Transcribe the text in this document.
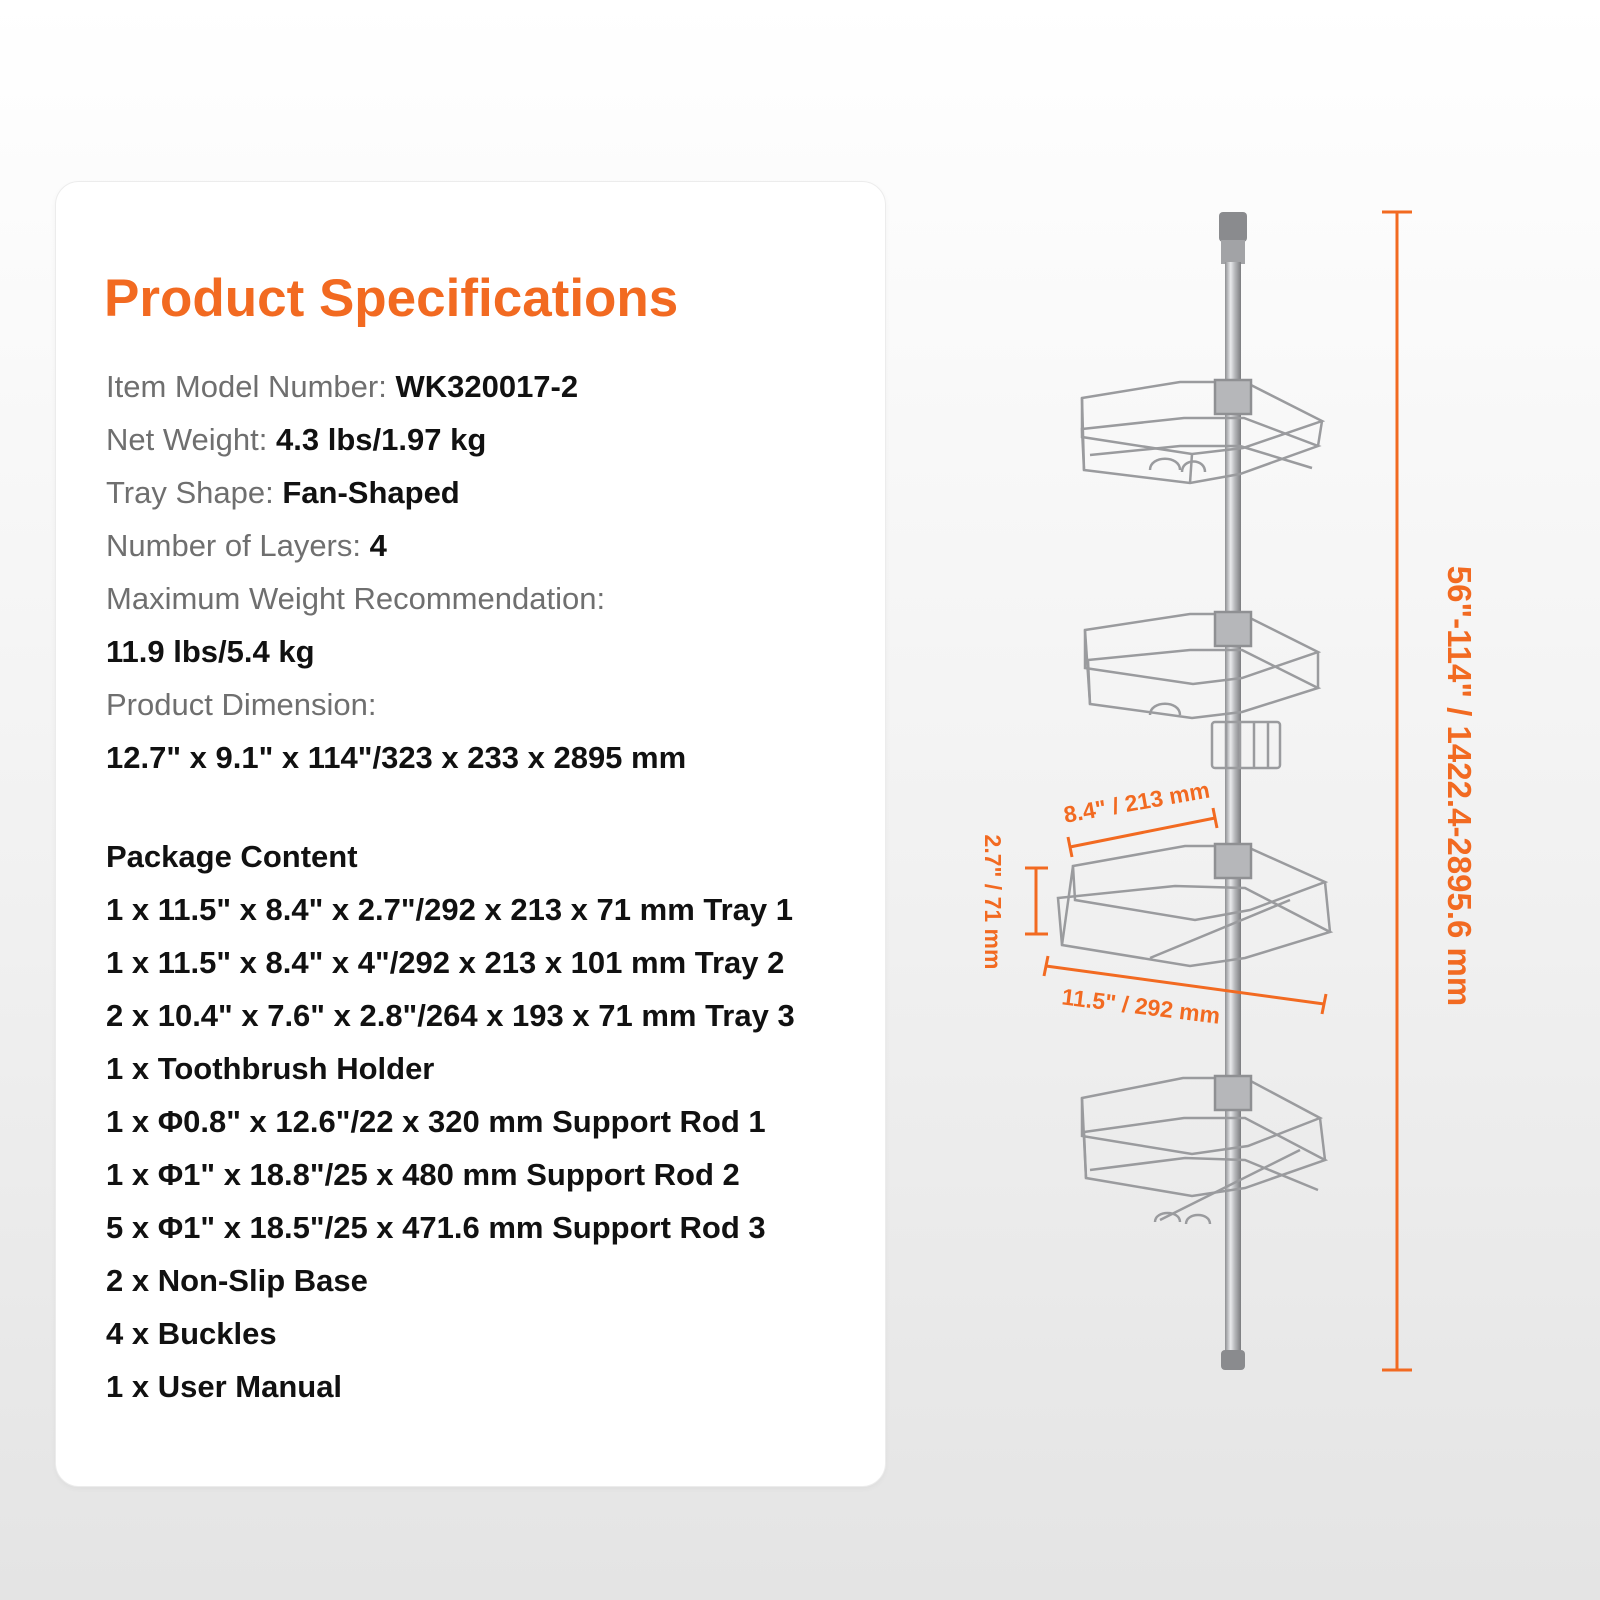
Product Specifications
Item Model Number: WK320017-2
Net Weight: 4.3 lbs/1.97 kg
Tray Shape: Fan-Shaped
Number of Layers: 4
Maximum Weight Recommendation:
11.9 lbs/5.4 kg
Product Dimension:
12.7" x 9.1" x 114"/323 x 233 x 2895 mm
Package Content
1 x 11.5" x 8.4" x 2.7"/292 x 213 x 71 mm Tray 1
1 x 11.5" x 8.4" x 4"/292 x 213 x 101 mm Tray 2
2 x 10.4" x 7.6" x 2.8"/264 x 193 x 71 mm Tray 3
1 x Toothbrush Holder
1 x Φ0.8" x 12.6"/22 x 320 mm Support Rod 1
1 x Φ1" x 18.8"/25 x 480 mm Support Rod 2
5 x Φ1" x 18.5"/25 x 471.6 mm Support Rod 3
2 x Non-Slip Base
4 x Buckles
1 x User Manual
56"-114" / 1422.4-2895.6 mm
8.4" / 213 mm
2.7" / 71 mm
11.5" / 292 mm
